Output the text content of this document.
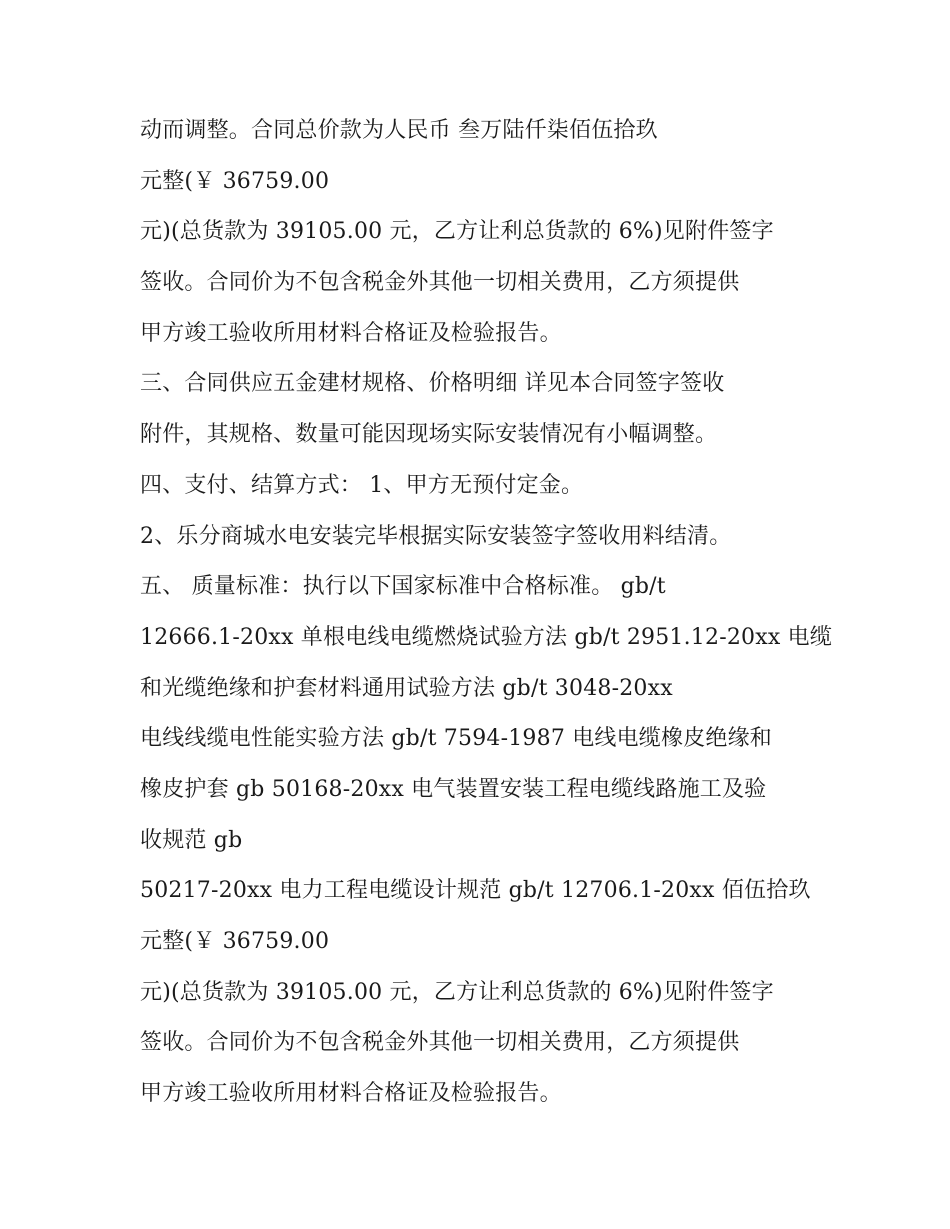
动而调整。合同总价款为人民币 叁万陆仟柒佰伍拾玖
元整(￥ 36759.00
元)(总货款为 39105.00 元，乙方让利总货款的 6%)见附件签字
签收。合同价为不包含税金外其他一切相关费用，乙方须提供
甲方竣工验收所用材料合格证及检验报告。
三、合同供应五金建材规格、价格明细 详见本合同签字签收
附件，其规格、数量可能因现场实际安装情况有小幅调整。
四、支付、结算方式： 1、甲方无预付定金。
2、乐分商城水电安装完毕根据实际安装签字签收用料结清。
五、 质量标准：执行以下国家标准中合格标准。 gb/t
12666.1-20xx 单根电线电缆燃烧试验方法 gb/t 2951.12-20xx 电缆
和光缆绝缘和护套材料通用试验方法 gb/t 3048-20xx
电线线缆电性能实验方法 gb/t 7594-1987 电线电缆橡皮绝缘和
橡皮护套 gb 50168-20xx 电气装置安装工程电缆线路施工及验
收规范 gb
50217-20xx 电力工程电缆设计规范 gb/t 12706.1-20xx 佰伍拾玖
元整(￥ 36759.00
元)(总货款为 39105.00 元，乙方让利总货款的 6%)见附件签字
签收。合同价为不包含税金外其他一切相关费用，乙方须提供
甲方竣工验收所用材料合格证及检验报告。
